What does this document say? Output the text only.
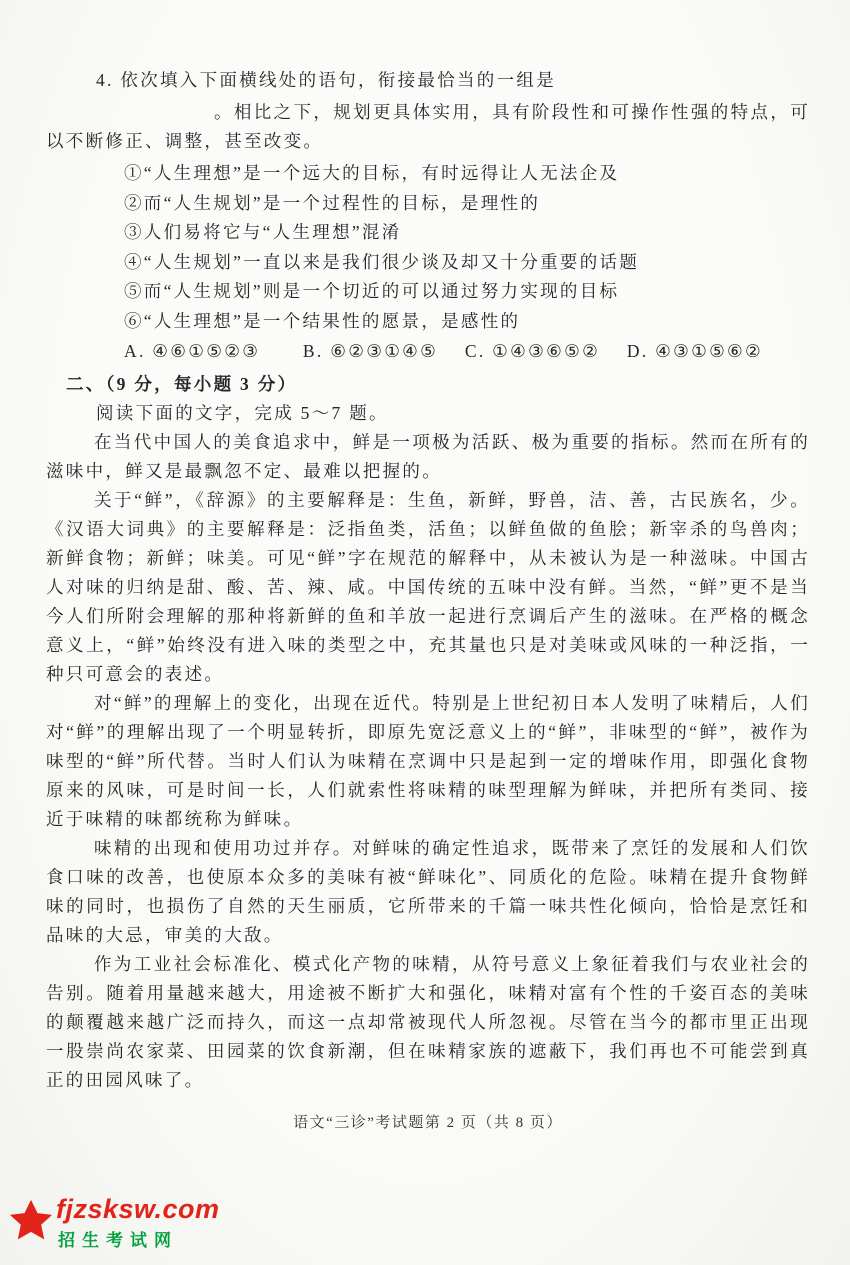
4. 依次填入下面横线处的语句，衔接最恰当的一组是

。相比之下，规划更具体实用，具有阶段性和可操作性强的特点，可以不断修正、调整，甚至改变。

①“人生理想”是一个远大的目标，有时远得让人无法企及

②而“人生规划”是一个过程性的目标，是理性的

③人们易将它与“人生理想”混淆

④“人生规划”一直以来是我们很少谈及却又十分重要的话题

⑤而“人生规划”则是一个切近的可以通过努力实现的目标

⑥“人生理想”是一个结果性的愿景，是感性的

A. ④⑥①⑤②③ B. ⑥②③①④⑤ C. ①④③⑥⑤② D. ④③①⑤⑥②

二、（9 分，每小题 3 分）

阅读下面的文字，完成 5～7 题。

在当代中国人的美食追求中，鲜是一项极为活跃、极为重要的指标。然而在所有的滋味中，鲜又是最飘忽不定、最难以把握的。

关于“鲜”，《辞源》的主要解释是：生鱼，新鲜，野兽，洁、善，古民族名，少。《汉语大词典》的主要解释是：泛指鱼类，活鱼；以鲜鱼做的鱼脍；新宰杀的鸟兽肉；新鲜食物；新鲜；味美。可见“鲜”字在规范的解释中，从未被认为是一种滋味。中国古人对味的归纳是甜、酸、苦、辣、咸。中国传统的五味中没有鲜。当然，“鲜”更不是当今人们所附会理解的那种将新鲜的鱼和羊放一起进行烹调后产生的滋味。在严格的概念意义上，“鲜”始终没有进入味的类型之中，充其量也只是对美味或风味的一种泛指，一种只可意会的表述。

对“鲜”的理解上的变化，出现在近代。特别是上世纪初日本人发明了味精后，人们对“鲜”的理解出现了一个明显转折，即原先宽泛意义上的“鲜”，非味型的“鲜”，被作为味型的“鲜”所代替。当时人们认为味精在烹调中只是起到一定的增味作用，即强化食物原来的风味，可是时间一长，人们就索性将味精的味型理解为鲜味，并把所有类同、接近于味精的味都统称为鲜味。

味精的出现和使用功过并存。对鲜味的确定性追求，既带来了烹饪的发展和人们饮食口味的改善，也使原本众多的美味有被“鲜味化”、同质化的危险。味精在提升食物鲜味的同时，也损伤了自然的天生丽质，它所带来的千篇一味共性化倾向，恰恰是烹饪和品味的大忌，审美的大敌。

作为工业社会标准化、模式化产物的味精，从符号意义上象征着我们与农业社会的告别。随着用量越来越大，用途被不断扩大和强化，味精对富有个性的千姿百态的美味的颠覆越来越广泛而持久，而这一点却常被现代人所忽视。尽管在当今的都市里正出现一股崇尚农家菜、田园菜的饮食新潮，但在味精家族的遮蔽下，我们再也不可能尝到真正的田园风味了。

语文“三诊”考试题第 2 页（共 8 页）

fjzsksw.com
招生考试网
